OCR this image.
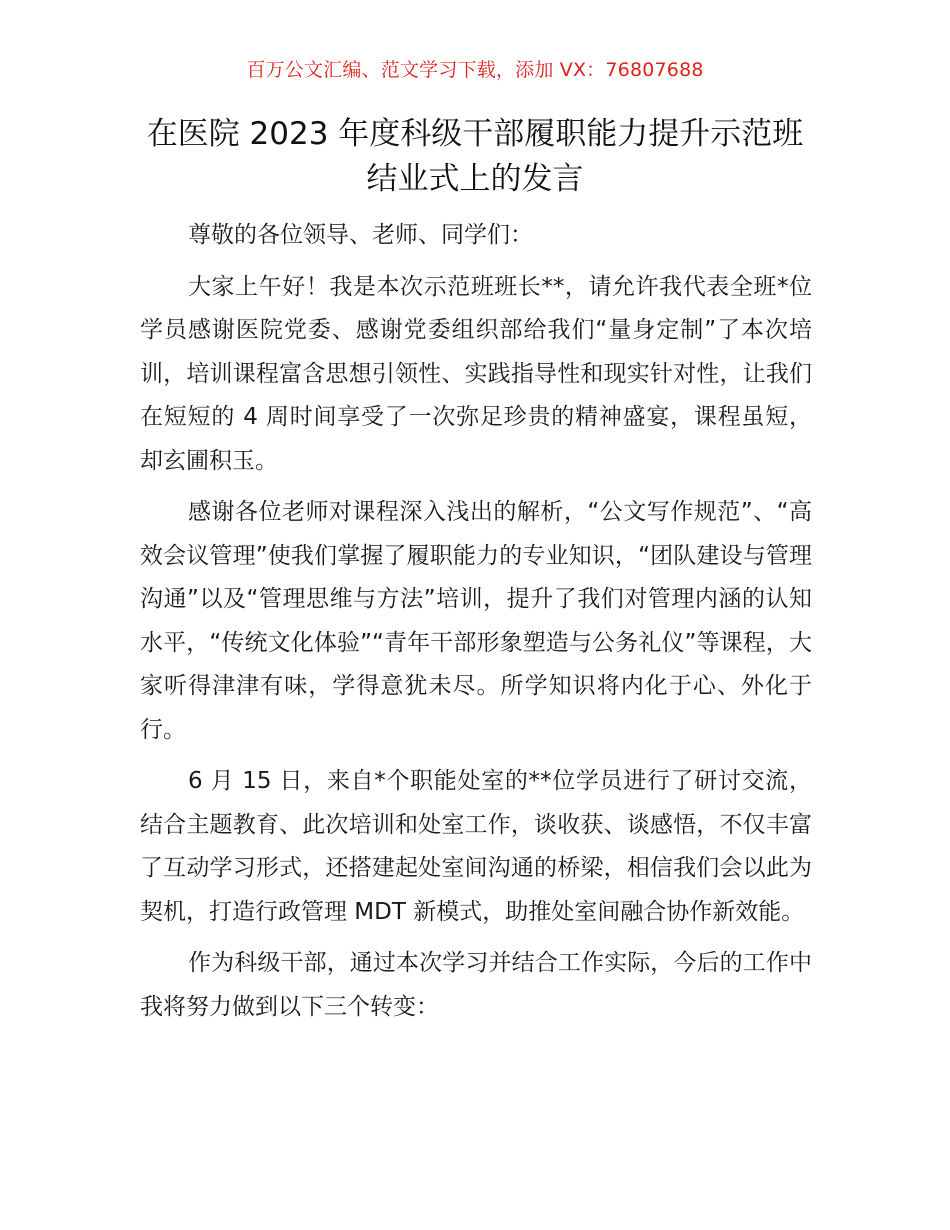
百万公文汇编、范文学习下载，添加 VX：76807688
在医院 2023 年度科级干部履职能力提升示范班
结业式上的发言

尊敬的各位领导、老师、同学们：

大家上午好！我是本次示范班班长**，请允许我代表全班*位学员感谢医院党委、感谢党委组织部给我们“量身定制”了本次培训，培训课程富含思想引领性、实践指导性和现实针对性，让我们在短短的 4 周时间享受了一次弥足珍贵的精神盛宴，课程虽短，却玄圃积玉。

感谢各位老师对课程深入浅出的解析，“公文写作规范”、“高效会议管理”使我们掌握了履职能力的专业知识，“团队建设与管理沟通”以及“管理思维与方法”培训，提升了我们对管理内涵的认知水平，“传统文化体验”“青年干部形象塑造与公务礼仪”等课程，大家听得津津有味，学得意犹未尽。所学知识将内化于心、外化于行。

6 月 15 日，来自*个职能处室的**位学员进行了研讨交流，结合主题教育、此次培训和处室工作，谈收获、谈感悟，不仅丰富了互动学习形式，还搭建起处室间沟通的桥梁，相信我们会以此为契机，打造行政管理 MDT 新模式，助推处室间融合协作新效能。

作为科级干部，通过本次学习并结合工作实际，今后的工作中我将努力做到以下三个转变：
